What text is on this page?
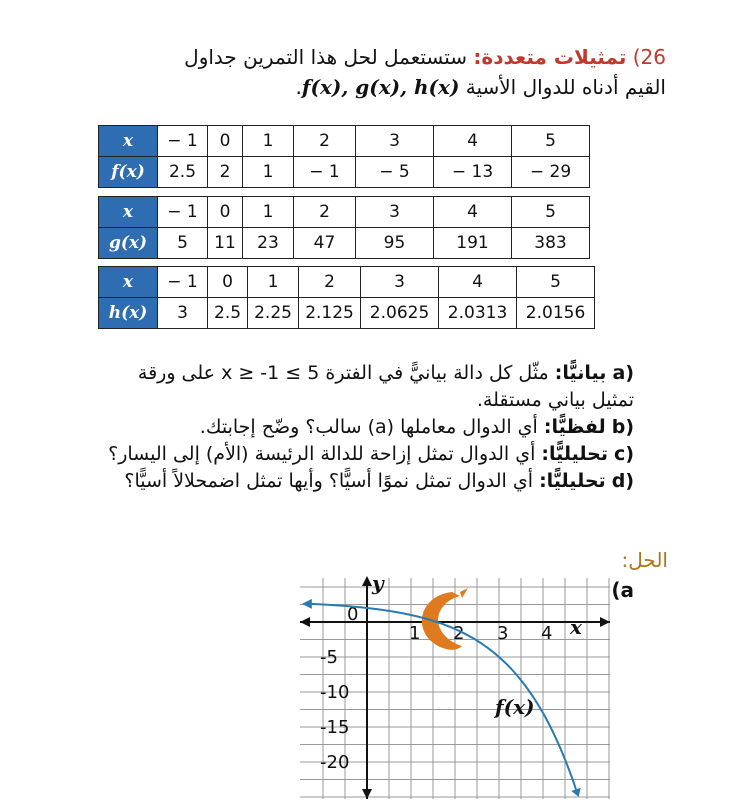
26) تمثيلات متعددة: ستستعمل لحل هذا التمرين جداول
القيم أدناه للدوال الأسية f(x), g(x), h(x).
x	− 1	0	1	2	3	4	5
f(x)	2.5	2	1	− 1	− 5	− 13	− 29
x	− 1	0	1	2	3	4	5
g(x)	5	11	23	47	95	191	383
x	− 1	0	1	2	3	4	5
h(x)	3	2.5	2.25	2.125	2.0625	2.0313	2.0156

(a بيانيًّا: مثّل كل دالة بيانيًّ في الفترة 5 ≥ x ≥ -1 على ورقة تمثيل بياني مستقلة.

(b لفظيًّا: أي الدوال معاملها (a) سالب؟ وضّح إجابتك.

(c تحليليًّا: أي الدوال تمثل إزاحة للدالة الرئيسة (الأم) إلى اليسار؟

(d تحليليًّا: أي الدوال تمثل نموًا أسيًّا؟ وأيها تمثل اضمحلالاً أسيًّا؟

الحل:
(a
x
y
0
1 2 3 4
-5
-10
-15
-20
f(x)
